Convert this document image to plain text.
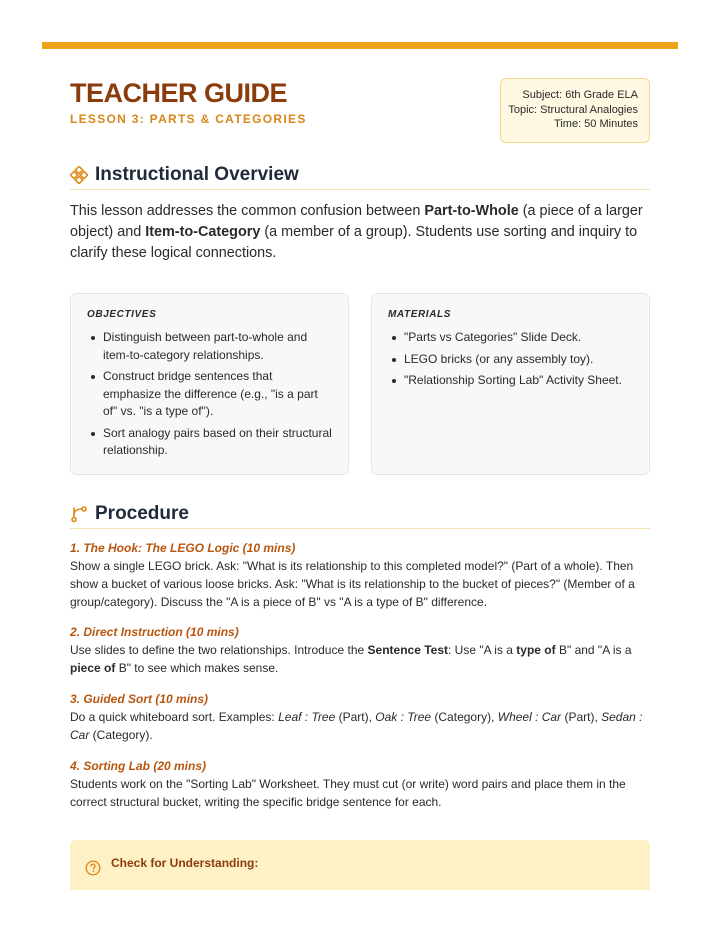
TEACHER GUIDE
LESSON 3: PARTS & CATEGORIES
Subject: 6th Grade ELA
Topic: Structural Analogies
Time: 50 Minutes
Instructional Overview

This lesson addresses the common confusion between Part-to-Whole (a piece of a larger object) and Item-to-Category (a member of a group). Students use sorting and inquiry to clarify these logical connections.

OBJECTIVES
Distinguish between part-to-whole and item-to-category relationships.
Construct bridge sentences that emphasize the difference (e.g., "is a part of" vs. "is a type of").
Sort analogy pairs based on their structural relationship.
MATERIALS
"Parts vs Categories" Slide Deck.
LEGO bricks (or any assembly toy).
"Relationship Sorting Lab" Activity Sheet.
Procedure
1. The Hook: The LEGO Logic (10 mins)

Show a single LEGO brick. Ask: "What is its relationship to this completed model?" (Part of a whole). Then show a bucket of various loose bricks. Ask: "What is its relationship to the bucket of pieces?" (Member of a group/category). Discuss the "A is a piece of B" vs "A is a type of B" difference.

2. Direct Instruction (10 mins)

Use slides to define the two relationships. Introduce the Sentence Test: Use "A is a type of B" and "A is a piece of B" to see which makes sense.

3. Guided Sort (10 mins)

Do a quick whiteboard sort. Examples: Leaf : Tree (Part), Oak : Tree (Category), Wheel : Car (Part), Sedan : Car (Category).

4. Sorting Lab (20 mins)

Students work on the "Sorting Lab" Worksheet. They must cut (or write) word pairs and place them in the correct structural bucket, writing the specific bridge sentence for each.

Check for Understanding:
